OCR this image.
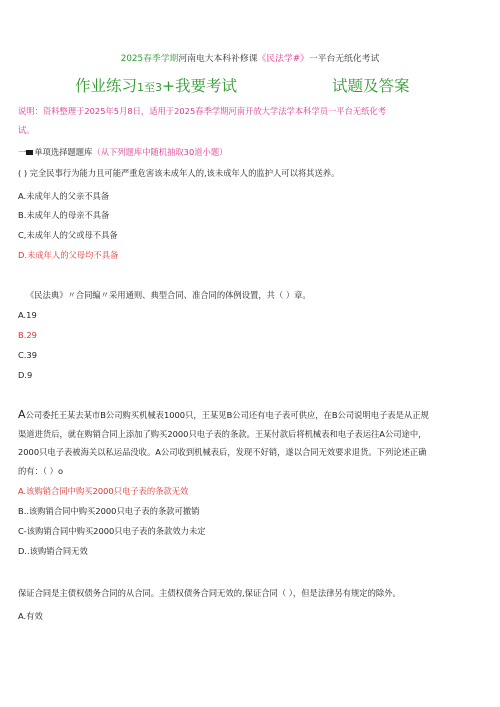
2025春季学期河南电大本科补修课《民法学#》一平台无纸化考试
作业练习1至3+我要考试	试题及答案
说明：资料整理于2025年5月8日，适用于2025春季学期河南开放大学法学本科学员一平台无纸化考
试。
一 单项选择题题库（从下列题库中随机抽取30道小题）
( ) 完全民事行为能力且可能严重危害该未成年人的,该未成年人的监护人可以将其送养。
A.未成年人的父亲不具备
B.未成年人的母亲不具备
C,未成年人的父或母不具备
D.未成年人的父母均不具备
《民法典》〃合同编〃采用通则、典型合同、准合同的体例设置，共（ ）章。
A.19
B.29
C.39
D.9
A公司委托王某去某市B公司购买机械表1000只，王某见B公司还有电子表可供应，在B公司说明电子表是从正规
渠道进货后，就在购销合同上添加了购买2000只电子表的条款。王某付款后将机械表和电子表运往A公司途中，
2000只电子表被海关以私运品没收。A公司收到机械表后，发现不好销，遂以合同无效要求退货。下列论述正确
的有：（ ）o
A.该购销合同中购买2000只电子表的条款无效
B..该购销合同中购买2000只电子表的条款可撤销
C-该购销合同中购买2000只电子表的条款效力未定
D..该购销合同无效
保证合同是主债权债务合同的从合同。主债权债务合同无效的,保证合同（ ），但是法律另有规定的除外。
A.有效
